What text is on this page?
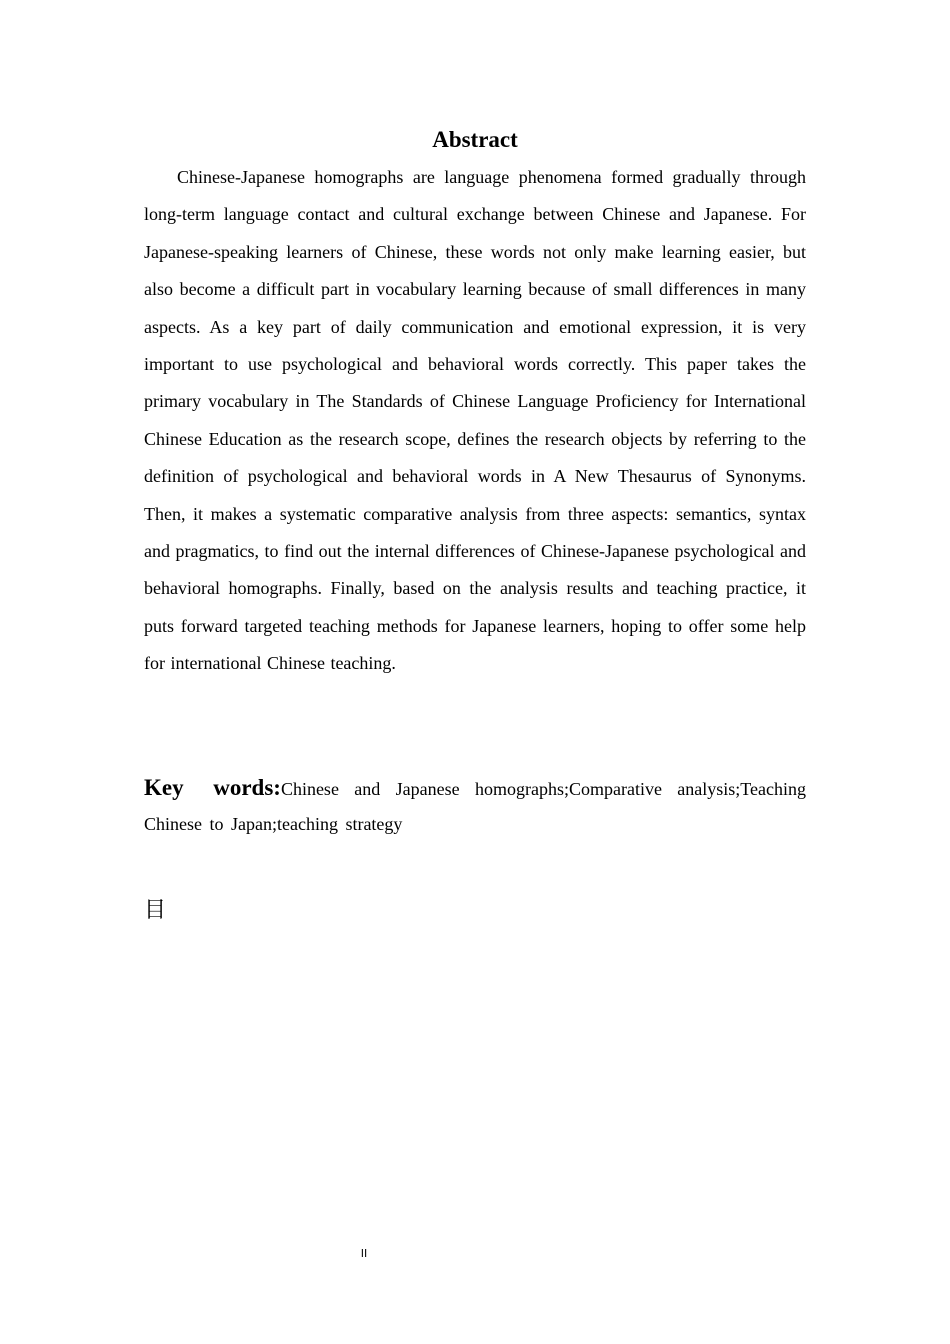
Abstract

Chinese-Japanese homographs are language phenomena formed gradually through long-term language contact and cultural exchange between Chinese and Japanese. For Japanese-speaking learners of Chinese, these words not only make learning easier, but also become a difficult part in vocabulary learning because of small differences in many aspects. As a key part of daily communication and emotional expression, it is very important to use psychological and behavioral words correctly. This paper takes the primary vocabulary in The Standards of Chinese Language Proficiency for International Chinese Education as the research scope, defines the research objects by referring to the definition of psychological and behavioral words in A New Thesaurus of Synonyms. Then, it makes a systematic comparative analysis from three aspects: semantics, syntax and pragmatics, to find out the internal differences of Chinese-Japanese psychological and behavioral homographs. Finally, based on the analysis results and teaching practice, it puts forward targeted teaching methods for Japanese learners, hoping to offer some help for international Chinese teaching.

Key words:Chinese and Japanese homographs;Comparative analysis;Teaching Chinese to Japan;teaching strategy

目

II
